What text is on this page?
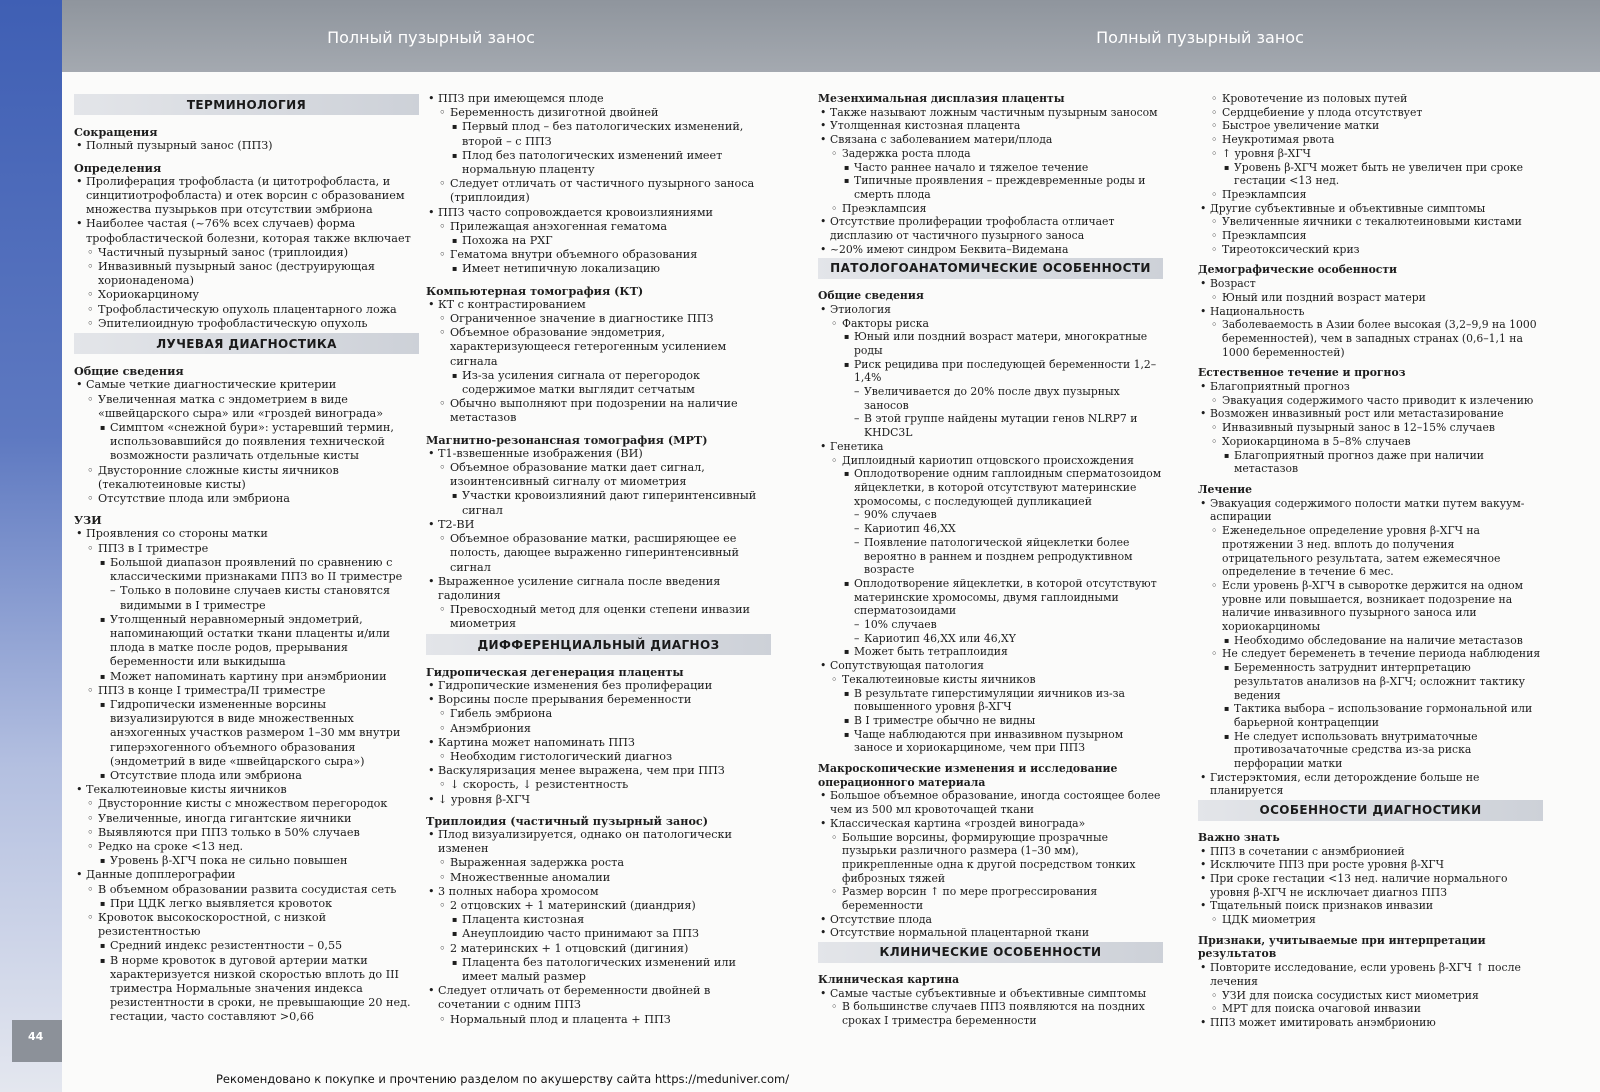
Полный пузырный занос
ТЕРМИНОЛОГИЯ
Сокращения
• Полный пузырный занос (ППЗ)
Определения
• Пролиферация трофобласта (и цитотрофобласта, и синцитиотрофобласта) и отек ворсин с образованием множества пузырьков при отсутствии эмбриона
• Наиболее частая (~76% всех случаев) форма трофобластической болезни, которая также включает
◦ Частичный пузырный занос (триплоидия)
◦ Инвазивный пузырный занос (деструирующая хорионаденома)
◦ Хориокарциному
◦ Трофобластическую опухоль плацентарного ложа
◦ Эпителиоидную трофобластическую опухоль
ЛУЧЕВАЯ ДИАГНОСТИКА
Общие сведения
• Самые четкие диагностические критерии
◦ Увеличенная матка с эндометрием в виде «швейцарского сыра» или «гроздей винограда»
▪ Симптом «снежной бури»: устаревший термин, использовавшийся до появления технической возможности различать отдельные кисты
◦ Двусторонние сложные кисты яичников (текалютеиновые кисты)
◦ Отсутствие плода или эмбриона
УЗИ
• Проявления со стороны матки
◦ ППЗ в I триместре
▪ Большой диапазон проявлений по сравнению с классическими признаками ППЗ во II триместре
– Только в половине случаев кисты становятся видимыми в I триместре
▪ Утолщенный неравномерный эндометрий, напоминающий остатки ткани плаценты и/или плода в матке после родов, прерывания беременности или выкидыша
▪ Может напоминать картину при анэмбрионии
◦ ППЗ в конце I триместра/II триместре
▪ Гидропически измененные ворсины визуализируются в виде множественных анэхогенных участков размером 1–30 мм внутри гиперэхогенного объемного образования (эндометрий в виде «швейцарского сыра»)
▪ Отсутствие плода или эмбриона
• Текалютеиновые кисты яичников
◦ Двусторонние кисты с множеством перегородок
◦ Увеличенные, иногда гигантские яичники
◦ Выявляются при ППЗ только в 50% случаев
◦ Редко на сроке <13 нед.
▪ Уровень β-ХГЧ пока не сильно повышен
• Данные допплерографии
◦ В объемном образовании развита сосудистая сеть
▪ При ЦДК легко выявляется кровоток
◦ Кровоток высокоскоростной, с низкой резистентностью
▪ Средний индекс резистентности – 0,55
▪ В норме кровоток в дуговой артерии матки характеризуется низкой скоростью вплоть до III триместра Нормальные значения индекса резистентности в сроки, не превышающие 20 нед. гестации, часто составляют >0,66
• ППЗ при имеющемся плоде
◦ Беременность дизиготной двойней
▪ Первый плод – без патологических изменений, второй – с ППЗ
▪ Плод без патологических изменений имеет нормальную плаценту
◦ Следует отличать от частичного пузырного заноса (триплоидия)
• ППЗ часто сопровождается кровоизлияниями
◦ Прилежащая анэхогенная гематома
▪ Похожа на РХГ
◦ Гематома внутри объемного образования
▪ Имеет нетипичную локализацию
Компьютерная томография (КТ)
• КТ с контрастированием
◦ Ограниченное значение в диагностике ППЗ
◦ Объемное образование эндометрия, характеризующееся гетерогенным усилением сигнала
▪ Из-за усиления сигнала от перегородок содержимое матки выглядит сетчатым
◦ Обычно выполняют при подозрении на наличие метастазов
Магнитно-резонансная томография (МРТ)
• Т1-взвешенные изображения (ВИ)
◦ Объемное образование матки дает сигнал, изоинтенсивный сигналу от миометрия
▪ Участки кровоизлияний дают гиперинтенсивный сигнал
• Т2-ВИ
◦ Объемное образование матки, расширяющее ее полость, дающее выраженно гиперинтенсивный сигнал
• Выраженное усиление сигнала после введения гадолиния
◦ Превосходный метод для оценки степени инвазии миометрия
ДИФФЕРЕНЦИАЛЬНЫЙ ДИАГНОЗ
Гидропическая дегенерация плаценты
• Гидропические изменения без пролиферации
• Ворсины после прерывания беременности
◦ Гибель эмбриона
◦ Анэмбриония
• Картина может напоминать ППЗ
◦ Необходим гистологический диагноз
• Васкуляризация менее выражена, чем при ППЗ
◦ ↓ скорость, ↓ резистентность
• ↓ уровня β-ХГЧ
Триплоидия (частичный пузырный занос)
• Плод визуализируется, однако он патологически изменен
◦ Выраженная задержка роста
◦ Множественные аномалии
• 3 полных набора хромосом
◦ 2 отцовских + 1 материнский (диандрия)
▪ Плацента кистозная
▪ Анеуплоидию часто принимают за ППЗ
◦ 2 материнских + 1 отцовский (дигиния)
▪ Плацента без патологических изменений или имеет малый размер
• Следует отличать от беременности двойней в сочетании с одним ППЗ
◦ Нормальный плод и плацента + ППЗ
44
Рекомендовано к покупке и прочтению разделом по акушерству сайта https://meduniver.com/
Полный пузырный занос
Мезенхимальная дисплазия плаценты
• Также называют ложным частичным пузырным заносом
• Утолщенная кистозная плацента
• Связана с заболеванием матери/плода
◦ Задержка роста плода
▪ Часто раннее начало и тяжелое течение
▪ Типичные проявления – преждевременные роды и смерть плода
◦ Преэклампсия
• Отсутствие пролиферации трофобласта отличает дисплазию от частичного пузырного заноса
• ~20% имеют синдром Беквита–Видемана
ПАТОЛОГОАНАТОМИЧЕСКИЕ ОСОБЕННОСТИ
Общие сведения
• Этиология
◦ Факторы риска
▪ Юный или поздний возраст матери, многократные роды
▪ Риск рецидива при последующей беременности 1,2–1,4%
– Увеличивается до 20% после двух пузырных заносов
– В этой группе найдены мутации генов NLRP7 и KHDC3L
• Генетика
◦ Диплоидный кариотип отцовского происхождения
▪ Оплодотворение одним гаплоидным сперматозоидом яйцеклетки, в которой отсутствуют материнские хромосомы, с последующей дупликацией
– 90% случаев
– Кариотип 46,XX
– Появление патологической яйцеклетки более вероятно в раннем и позднем репродуктивном возрасте
▪ Оплодотворение яйцеклетки, в которой отсутствуют материнские хромосомы, двумя гаплоидными сперматозоидами
– 10% случаев
– Кариотип 46,XX или 46,XY
▪ Может быть тетраплоидия
• Сопутствующая патология
◦ Текалютеиновые кисты яичников
▪ В результате гиперстимуляции яичников из-за повышенного уровня β-ХГЧ
▪ В I триместре обычно не видны
▪ Чаще наблюдаются при инвазивном пузырном заносе и хориокарциноме, чем при ППЗ
Макроскопические изменения и исследование операционного материала
• Большое объемное образование, иногда состоящее более чем из 500 мл кровоточащей ткани
• Классическая картина «гроздей винограда»
◦ Большие ворсины, формирующие прозрачные пузырьки различного размера (1–30 мм), прикрепленные одна к другой посредством тонких фиброзных тяжей
◦ Размер ворсин ↑ по мере прогрессирования беременности
• Отсутствие плода
• Отсутствие нормальной плацентарной ткани
КЛИНИЧЕСКИЕ ОСОБЕННОСТИ
Клиническая картина
• Самые частые субъективные и объективные симптомы
◦ В большинстве случаев ППЗ появляются на поздних сроках I триместра беременности
◦ Кровотечение из половых путей
◦ Сердцебиение у плода отсутствует
◦ Быстрое увеличение матки
◦ Неукротимая рвота
◦ ↑ уровня β-ХГЧ
▪ Уровень β-ХГЧ может быть не увеличен при сроке гестации <13 нед.
◦ Преэклампсия
• Другие субъективные и объективные симптомы
◦ Увеличенные яичники с текалютеиновыми кистами
◦ Преэклампсия
◦ Тиреотоксический криз
Демографические особенности
• Возраст
◦ Юный или поздний возраст матери
• Национальность
◦ Заболеваемость в Азии более высокая (3,2–9,9 на 1000 беременностей), чем в западных странах (0,6–1,1 на 1000 беременностей)
Естественное течение и прогноз
• Благоприятный прогноз
◦ Эвакуация содержимого часто приводит к излечению
• Возможен инвазивный рост или метастазирование
◦ Инвазивный пузырный занос в 12–15% случаев
◦ Хориокарцинома в 5–8% случаев
▪ Благоприятный прогноз даже при наличии метастазов
Лечение
• Эвакуация содержимого полости матки путем вакуум-аспирации
◦ Еженедельное определение уровня β-ХГЧ на протяжении 3 нед. вплоть до получения отрицательного результата, затем ежемесячное определение в течение 6 мес.
◦ Если уровень β-ХГЧ в сыворотке держится на одном уровне или повышается, возникает подозрение на наличие инвазивного пузырного заноса или хориокарциномы
▪ Необходимо обследование на наличие метастазов
◦ Не следует беременеть в течение периода наблюдения
▪ Беременность затруднит интерпретацию результатов анализов на β-ХГЧ; осложнит тактику ведения
▪ Тактика выбора – использование гормональной или барьерной контрацепции
▪ Не следует использовать внутриматочные противозачаточные средства из-за риска перфорации матки
• Гистерэктомия, если деторождение больше не планируется
ОСОБЕННОСТИ ДИАГНОСТИКИ
Важно знать
• ППЗ в сочетании с анэмбрионией
• Исключите ППЗ при росте уровня β-ХГЧ
• При сроке гестации <13 нед. наличие нормального уровня β-ХГЧ не исключает диагноз ППЗ
• Тщательный поиск признаков инвазии
◦ ЦДК миометрия
Признаки, учитываемые при интерпретации результатов
• Повторите исследование, если уровень β-ХГЧ ↑ после лечения
◦ УЗИ для поиска сосудистых кист миометрия
◦ МРТ для поиска очаговой инвазии
• ППЗ может имитировать анэмбрионию
